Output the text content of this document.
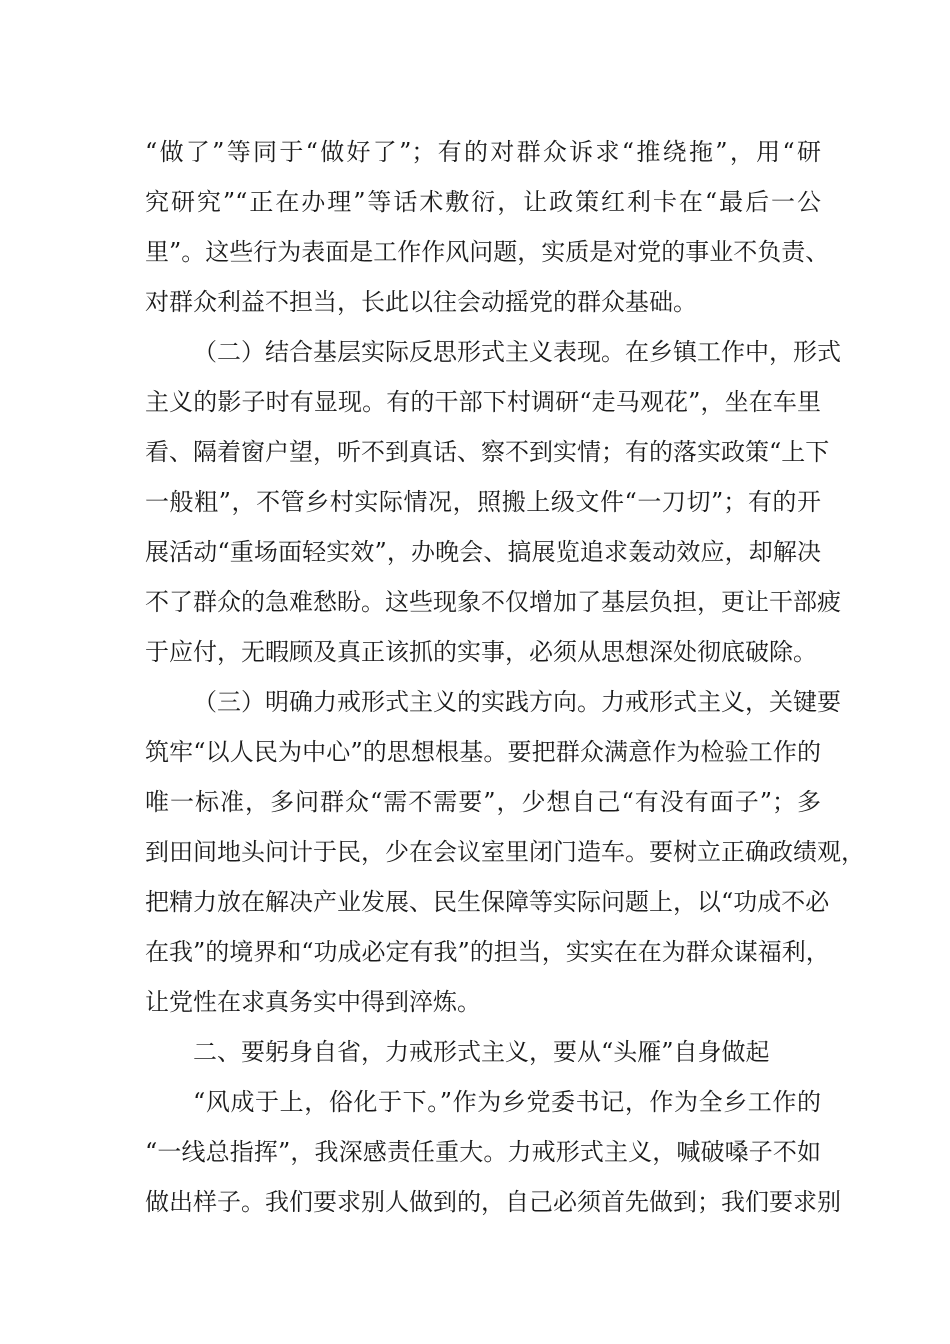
“做了”等同于“做好了”；有的对群众诉求“推绕拖”，用“研
究研究”“正在办理”等话术敷衍，让政策红利卡在“最后一公
里”。这些行为表面是工作作风问题，实质是对党的事业不负责、
对群众利益不担当，长此以往会动摇党的群众基础。
（二）结合基层实际反思形式主义表现。在乡镇工作中，形式
主义的影子时有显现。有的干部下村调研“走马观花”，坐在车里
看、隔着窗户望，听不到真话、察不到实情；有的落实政策“上下
一般粗”，不管乡村实际情况，照搬上级文件“一刀切”；有的开
展活动“重场面轻实效”，办晚会、搞展览追求轰动效应，却解决
不了群众的急难愁盼。这些现象不仅增加了基层负担，更让干部疲
于应付，无暇顾及真正该抓的实事，必须从思想深处彻底破除。
（三）明确力戒形式主义的实践方向。力戒形式主义，关键要
筑牢“以人民为中心”的思想根基。要把群众满意作为检验工作的
唯一标准，多问群众“需不需要”，少想自己“有没有面子”；多
到田间地头问计于民，少在会议室里闭门造车。要树立正确政绩观，
把精力放在解决产业发展、民生保障等实际问题上，以“功成不必
在我”的境界和“功成必定有我”的担当，实实在在为群众谋福利，
让党性在求真务实中得到淬炼。
二、要躬身自省，力戒形式主义，要从“头雁”自身做起
“风成于上，俗化于下。”作为乡党委书记，作为全乡工作的
“一线总指挥”，我深感责任重大。力戒形式主义，喊破嗓子不如
做出样子。我们要求别人做到的，自己必须首先做到；我们要求别
